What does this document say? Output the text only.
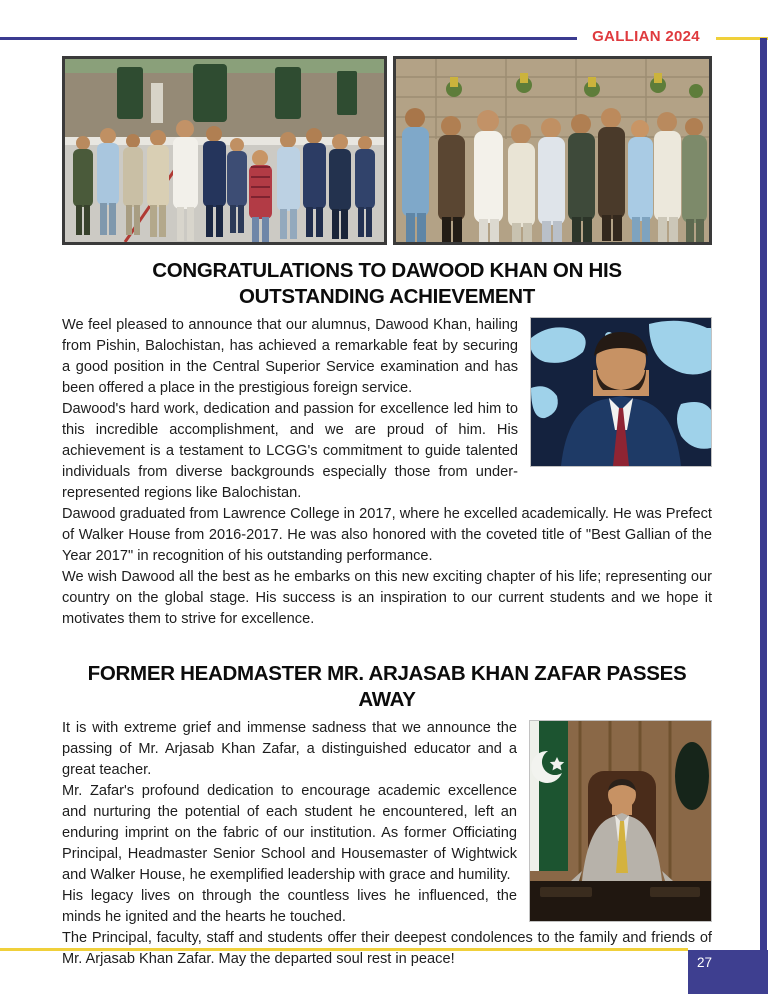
GALLIAN 2024
CONGRATULATIONS TO DAWOOD KHAN ON HIS OUTSTANDING ACHIEVEMENT

We feel pleased to announce that our alumnus, Dawood Khan, hailing from Pishin, Balochistan, has achieved a remarkable feat by securing a good position in the Central Superior Service examination and has been offered a place in the prestigious foreign service.

Dawood's hard work, dedication and passion for excellence led him to this incredible accomplishment, and we are proud of him. His achievement is a testament to LCGG's commitment to guide talented individuals from diverse backgrounds especially those from under-represented regions like Balochistan.

Dawood graduated from Lawrence College in 2017, where he excelled academically. He was Prefect of Walker House from 2016-2017. He was also honored with the coveted title of "Best Gallian of the Year 2017" in recognition of his outstanding performance.

We wish Dawood all the best as he embarks on this new exciting chapter of his life; representing our country on the global stage. His success is an inspiration to our current students and we hope it motivates them to strive for excellence.

FORMER HEADMASTER MR. ARJASAB KHAN ZAFAR PASSES AWAY

It is with extreme grief and immense sadness that we announce the passing of Mr. Arjasab Khan Zafar, a distinguished educator and a great teacher.

Mr. Zafar's profound dedication to encourage academic excellence and nurturing the potential of each student he encountered, left an enduring imprint on the fabric of our institution. As former Officiating Principal, Headmaster Senior School and Housemaster of Wightwick and Walker House, he exemplified leadership with grace and humility.

His legacy lives on through the countless lives he influenced, the minds he ignited and the hearts he touched.

The Principal, faculty, staff and students offer their deepest condolences to the family and friends of Mr. Arjasab Khan Zafar. May the departed soul rest in peace!	27
